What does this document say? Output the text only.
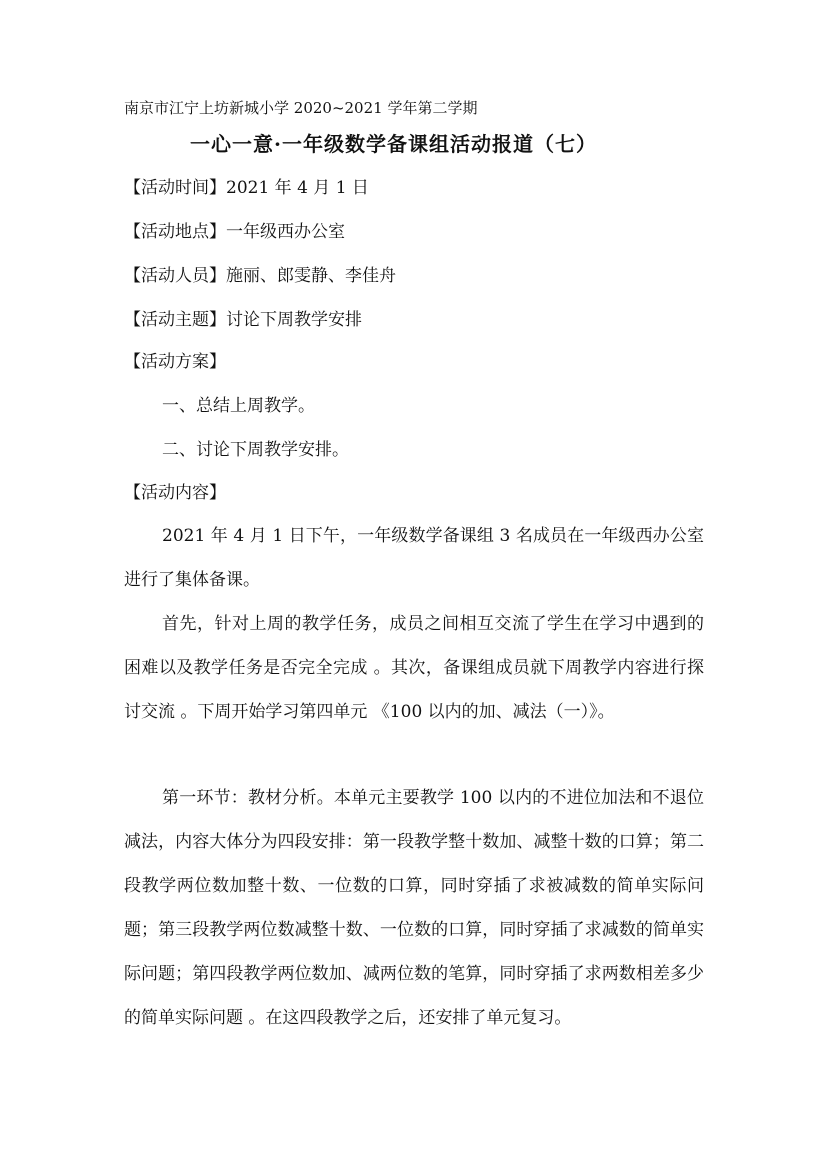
南京市江宁上坊新城小学 2020~2021 学年第二学期
一心一意·一年级数学备课组活动报道（七）
【活动时间】2021 年 4 月 1 日
【活动地点】一年级西办公室
【活动人员】施丽、郎雯静、李佳舟
【活动主题】讨论下周教学安排
【活动方案】
一、总结上周教学。
二、讨论下周教学安排。
【活动内容】
2021 年 4 月 1 日下午，一年级数学备课组 3 名成员在一年级西办公室进行了集体备课。
首先，针对上周的教学任务，成员之间相互交流了学生在学习中遇到的困难以及教学任务是否完全完成 。其次，备课组成员就下周教学内容进行探讨交流 。下周开始学习第四单元 《100 以内的加、减法（一）》。
第一环节：教材分析。本单元主要教学 100 以内的不进位加法和不退位减法，内容大体分为四段安排：第一段教学整十数加、减整十数的口算；第二段教学两位数加整十数、一位数的口算，同时穿插了求被减数的简单实际问题；第三段教学两位数减整十数、一位数的口算，同时穿插了求减数的简单实际问题；第四段教学两位数加、减两位数的笔算，同时穿插了求两数相差多少的简单实际问题 。在这四段教学之后，还安排了单元复习。
